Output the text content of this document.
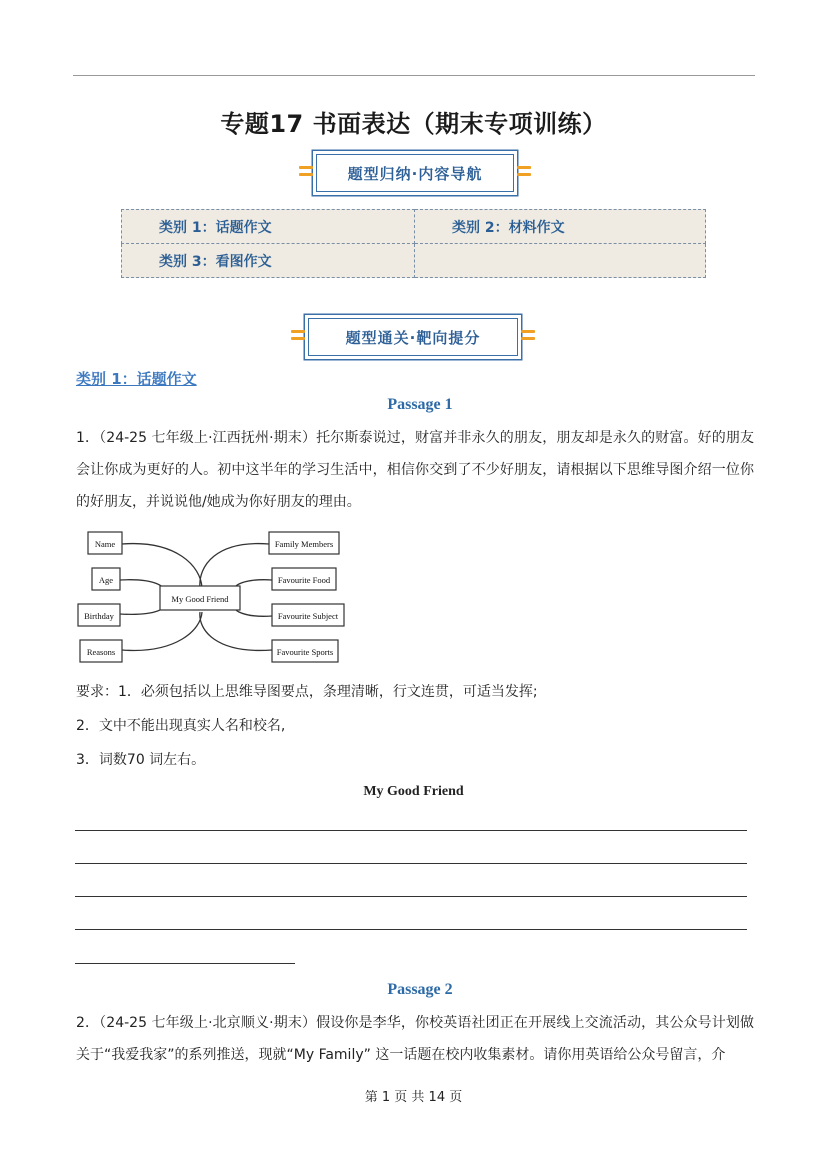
专题17 书面表达（期末专项训练）
题型归纳·内容导航
类别 1：话题作文	类别 2：材料作文
类别 3：看图作文	
题型通关·靶向提分
类别 1：话题作文
Passage 1
1．（24-25 七年级上·江西抚州·期末）托尔斯泰说过，财富并非永久的朋友，朋友却是永久的财富。好的朋友会让你成为更好的人。初中这半年的学习生活中，相信你交到了不少好朋友，请根据以下思维导图介绍一位你的好朋友，并说说他/她成为你好朋友的理由。
My Good Friend
Name
Age
Birthday
Reasons
Family Members
Favourite Food
Favourite Subject
Favourite Sports
要求：1．必须包括以上思维导图要点，条理清晰，行文连贯，可适当发挥;
2．文中不能出现真实人名和校名,
3．词数70 词左右。
My Good Friend
Passage 2
2．（24-25 七年级上·北京顺义·期末）假设你是李华，你校英语社团正在开展线上交流活动，其公众号计划做关于“我爱我家”的系列推送，现就“My Family” 这一话题在校内收集素材。请你用英语给公众号留言，介
第 1 页 共 14 页
